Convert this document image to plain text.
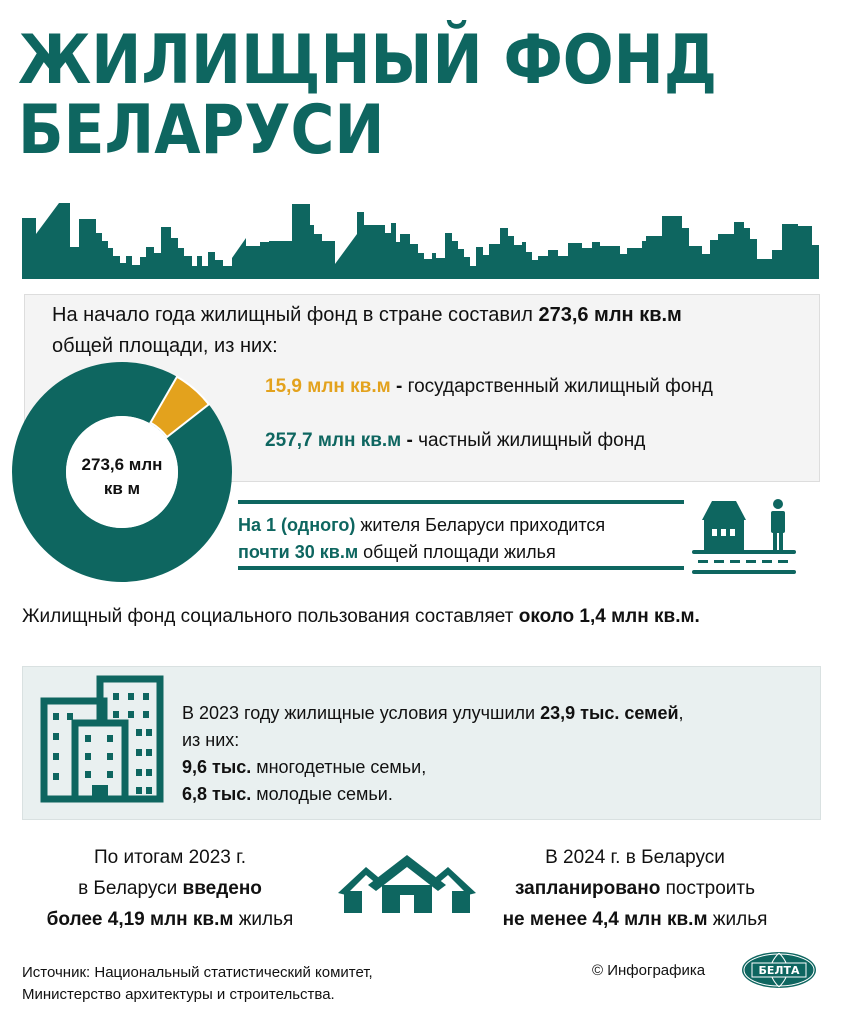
ЖИЛИЩНЫЙ ФОНД
БЕЛАРУСИ
На начало года жилищный фонд в стране составил 273,6 млн кв.м
общей площади, из них:
15,9 млн кв.м - государственный жилищный фонд
257,7 млн кв.м - частный жилищный фонд
273,6 млн
кв м
На 1 (одного) жителя Беларуси приходится
почти 30 кв.м общей площади жилья
Жилищный фонд социального пользования составляет около 1,4 млн кв.м.
В 2023 году жилищные условия улучшили 23,9 тыс. семей,
из них:
9,6 тыс. многодетные семьи,
6,8 тыс. молодые семьи.
По итогам 2023 г.
в Беларуси введено
более 4,19 млн кв.м жилья
В 2024 г. в Беларуси
запланировано построить
не менее 4,4 млн кв.м жилья
Источник: Национальный статистический комитет,
Министерство архитектуры и строительства.
© Инфографика	БЕЛТА
